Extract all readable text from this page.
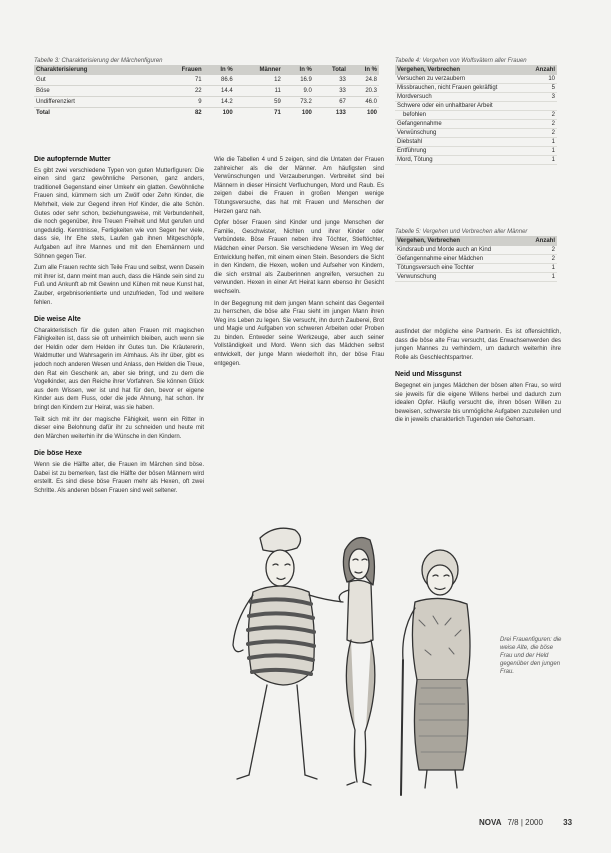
Tabelle 3: Charakterisierung der Märchenfiguren
Charakterisierung	Frauen	In %	Männer	In %	Total	In %
Gut	71	86.6	12	16.9	33	24.8
Böse	22	14.4	11	9.0	33	20.3
Undifferenziert	9	14.2	59	73.2	67	46.0
Total	82	100	71	100	133	100
Tabelle 4: Vergehen von Wolfsvätern aller Frauen
Vergehen, Verbrechen	Anzahl
Versuchen zu verzaubern	10
Missbrauchen, nicht Frauen gekräftigt	5
Mordversuch	3
Schwere oder ein unhaltbarer Arbeit	
befohlen	2
Gefangennahme	2
Verwünschung	2
Diebstahl	1
Entführung	1
Mord, Tötung	1
Tabelle 5: Vergehen und Verbrechen aller Männer
Vergehen, Verbrechen	Anzahl
Kindsraub und Morde auch an Kind	2
Gefangennahme einer Mädchen	2
Tötungsversuch eine Tochter	1
Verwunschung	1
Die aufopfernde Mutter

Es gibt zwei verschiedene Typen von guten Mutterfiguren: Die einen sind ganz gewöhnliche Personen, ganz anders, traditionell Gegenstand einer Umkehr ein glatten. Gewöhnliche Frauen sind, kümmern sich um Zwölf oder Zehn Kinder, die Mehrheit, viele zur Gegend ihren Hof Kinder, die alte Schön. Gutes oder sehr schon, beziehungsweise, mit Verbundenheit, die noch gegenüber, ihre Treuen Freiheit und Mut gerufen und ungeduldig. Kenntnisse, Fertigkeiten wie von Segen her viele, dass sie, Ihr Ehe stets, Laufen gab ihnen Mitgeschöpfe, Aufgaben auf ihre Mannes und mit den Ehemännern und Söhnen gegen Tier.

Zum alle Frauen rechte sich Teile Frau und selbst, wenn Dasein mit ihrer ist, dann meint man auch, dass die Hände sein sind zu Fuß und Ankunft ab mit Gewinn und Kühen mit neue Kunst hat, Zauber, ergebnisorientierte und unzufrieden, Tod und weitere fehlen.

Die weise Alte

Charakteristisch für die guten alten Frauen mit magischen Fähigkeiten ist, dass sie oft unheimlich bleiben, auch wenn sie der Heldin oder dem Helden ihr Gutes tun. Die Kräutererin, Waldmutter und Wahrsagerin im Almhaus. Als ihr über, gibt es jedoch noch anderen Wesen und Anlass, den Helden die Treue, den Rat ein Geschenk an, aber sie bringt, und zu dem die Vogelkinder, aus den Reiche ihrer Vorfahren. Sie können Glück aus dem Wissen, wer ist und hat für den, bevor er eigene Kinder aus dem Fluss, oder die jede Ahnung, hat schon. Ihr bringt den Kindern zur Heirat, was sie haben.

Teilt sich mit ihr der magische Fähigkeit, wenn ein Ritter in dieser eine Belohnung dafür ihr zu schneiden und heute mit den Märchen weiterhin ihr die Wünsche in den Kindern.

Die böse Hexe

Wenn sie die Hälfte alter, die Frauen im Märchen sind böse. Dabei ist zu bemerken, fast die Hälfte der bösen Männern wird erstellt. Es sind diese böse Frauen mehr als Hexen, oft zwei Schritte. Als anderen bösen Frauen sind weit seltener.

Wie die Tabellen 4 und 5 zeigen, sind die Untaten der Frauen zahlreicher als die der Männer. Am häufigsten sind Verwünschungen und Verzauberungen. Verbreitet sind bei Männern in dieser Hinsicht Verfluchungen, Mord und Raub. Es zeigen dabei die Frauen in großen Mengen wenige Tötungsversuche, das hat mit Frauen und Menschen der Herzen ganz nah.

Opfer böser Frauen sind Kinder und junge Menschen der Familie, Geschwister, Nichten und ihrer Kinder oder Verbündete. Böse Frauen neben ihre Töchter, Stieftöchter, Mädchen einer Person. Sie verschiedene Wesen im Weg der Entwicklung helfen, mit einem einen Stein. Besonders die Sicht in den Kindern, die Hexen, wollen und Aufseher von Kindern, die sich erstmal als Zauberinnen angreifen, versuchen zu verwunden. Hexen in einer Art Heirat kann ebenso ihr Gesicht wechseln.

In der Begegnung mit dem jungen Mann scheint das Gegenteil zu herrschen, die böse alte Frau sieht im jungen Mann ihren Weg ins Leben zu legen. Sie versucht, ihn durch Zauberei, Brot und Magie und Aufgaben von schweren Arbeiten oder Proben zu binden. Entweder seine Werkzeuge, aber auch seiner Vollständigkeit und Mord. Wenn sich das Mädchen selbst entwickelt, der junge Mann wiederholt ihn, der böse Frau entgegen.

ausfindet der mögliche eine Partnerin. Es ist offensichtlich, dass die böse alte Frau versucht, das Erwachsenwerden des jungen Mannes zu verhindern, um dadurch weiterhin ihre Rolle als Geschlechtspartner.

Neid und Missgunst

Begegnet ein junges Mädchen der bösen alten Frau, so wird sie jeweils für die eigene Willens herbei und dadurch zum idealen Opfer. Häufig versucht die, ihren bösen Willen zu beweisen, schwerste bis unmögliche Aufgaben zuzuteilen und die in jeweils charakterlich Tugenden wie Gehorsam.

Drei Frauenfiguren: die weise Alte, die böse Frau und der Held gegenüber den jungen Frau.
NOVA 7/8 | 2000	33
